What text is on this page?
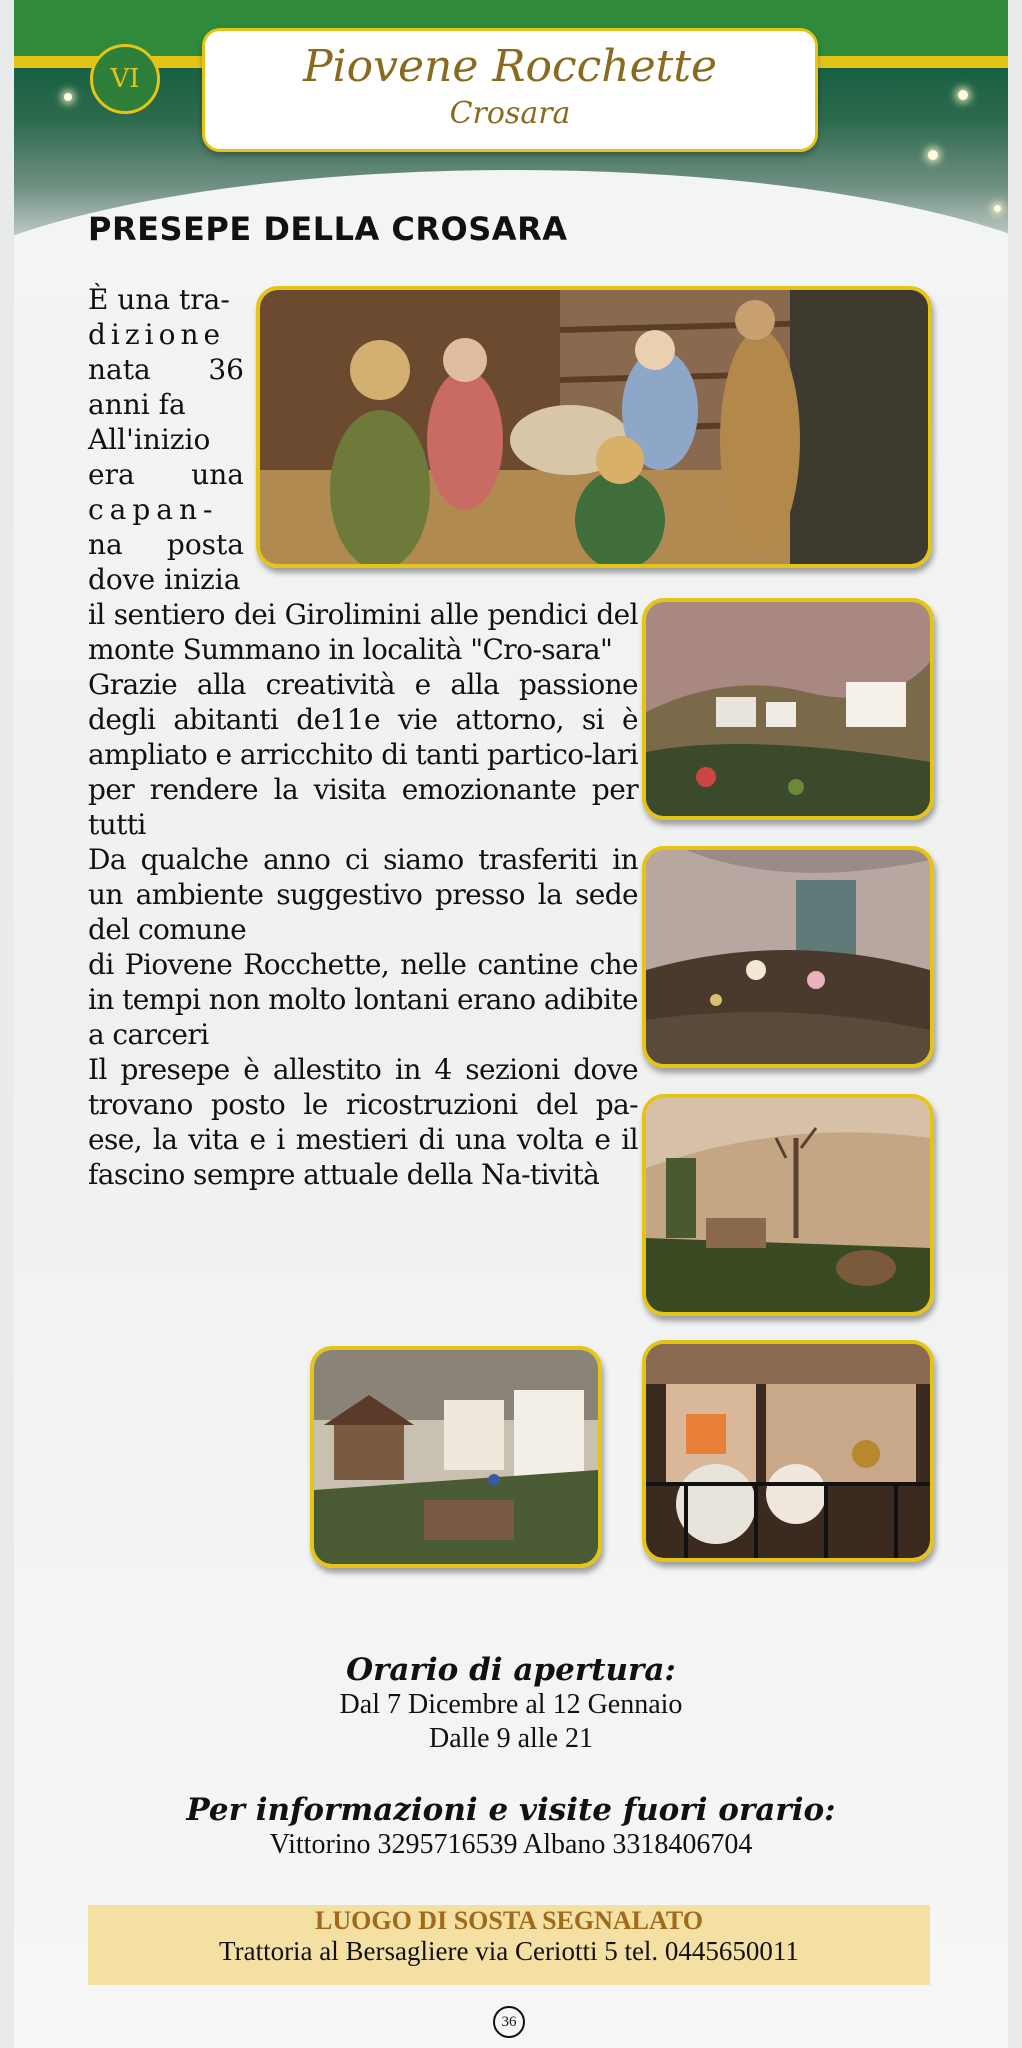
VI	Piovene Rocchette
Crosara
PRESEPE DELLA CROSARA

È una tra-

dizione

nata 36

anni fa

All'inizio

era una

capan-

na posta

dove inizia

il sentiero dei Girolimini alle pendici del monte Summano in località "Cro-sara"

Grazie alla creatività e alla passione degli abitanti de11e vie attorno, si è ampliato e arricchito di tanti partico-lari per rendere la visita emozionante per tutti

Da qualche anno ci siamo trasferiti in un ambiente suggestivo presso la sede del comune

di Piovene Rocchette, nelle cantine che in tempi non molto lontani erano adibite a carceri

Il presepe è allestito in 4 sezioni dove trovano posto le ricostruzioni del pa-ese, la vita e i mestieri di una volta e il fascino sempre attuale della Na-tività

Orario di apertura:
Dal 7 Dicembre al 12 Gennaio
Dalle 9 alle 21
Per informazioni e visite fuori orario:
Vittorino 3295716539 Albano 3318406704
LUOGO DI SOSTA SEGNALATO
Trattoria al Bersagliere via Ceriotti 5 tel. 0445650011
36
